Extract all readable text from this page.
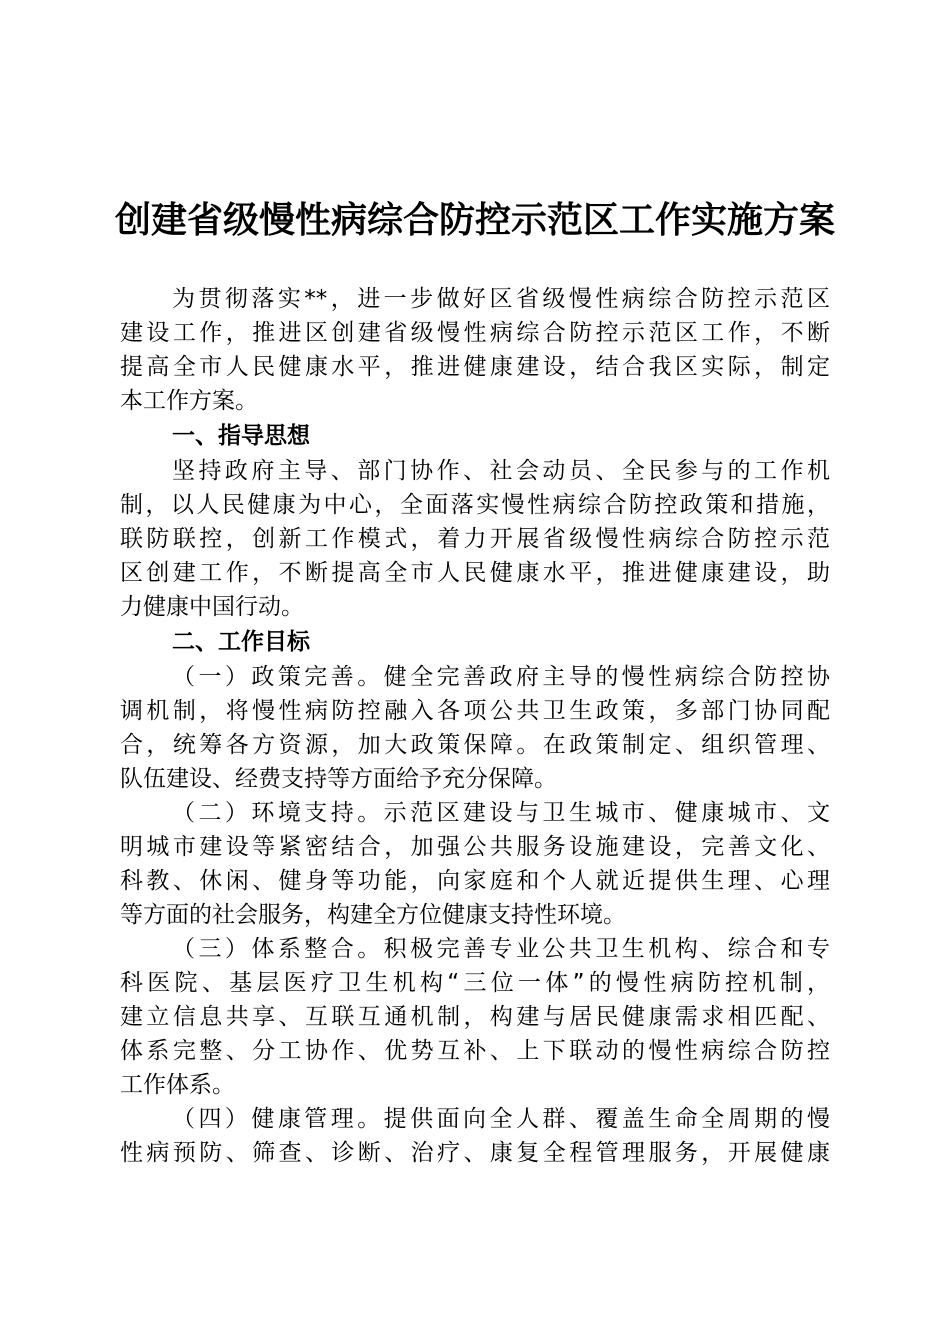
创建省级慢性病综合防控示范区工作实施方案
为贯彻落实**，进一步做好区省级慢性病综合防控示范区
建设工作，推进区创建省级慢性病综合防控示范区工作，不断
提高全市人民健康水平，推进健康建设，结合我区实际，制定
本工作方案。
一、指导思想
坚持政府主导、部门协作、社会动员、全民参与的工作机
制，以人民健康为中心，全面落实慢性病综合防控政策和措施，
联防联控，创新工作模式，着力开展省级慢性病综合防控示范
区创建工作，不断提高全市人民健康水平，推进健康建设，助
力健康中国行动。
二、工作目标
（一）政策完善。健全完善政府主导的慢性病综合防控协
调机制，将慢性病防控融入各项公共卫生政策，多部门协同配
合，统筹各方资源，加大政策保障。在政策制定、组织管理、
队伍建设、经费支持等方面给予充分保障。
（二）环境支持。示范区建设与卫生城市、健康城市、文
明城市建设等紧密结合，加强公共服务设施建设，完善文化、
科教、休闲、健身等功能，向家庭和个人就近提供生理、心理
等方面的社会服务，构建全方位健康支持性环境。
（三）体系整合。积极完善专业公共卫生机构、综合和专
科医院、基层医疗卫生机构“三位一体”的慢性病防控机制，
建立信息共享、互联互通机制，构建与居民健康需求相匹配、
体系完整、分工协作、优势互补、上下联动的慢性病综合防控
工作体系。
（四）健康管理。提供面向全人群、覆盖生命全周期的慢
性病预防、筛查、诊断、治疗、康复全程管理服务，开展健康
